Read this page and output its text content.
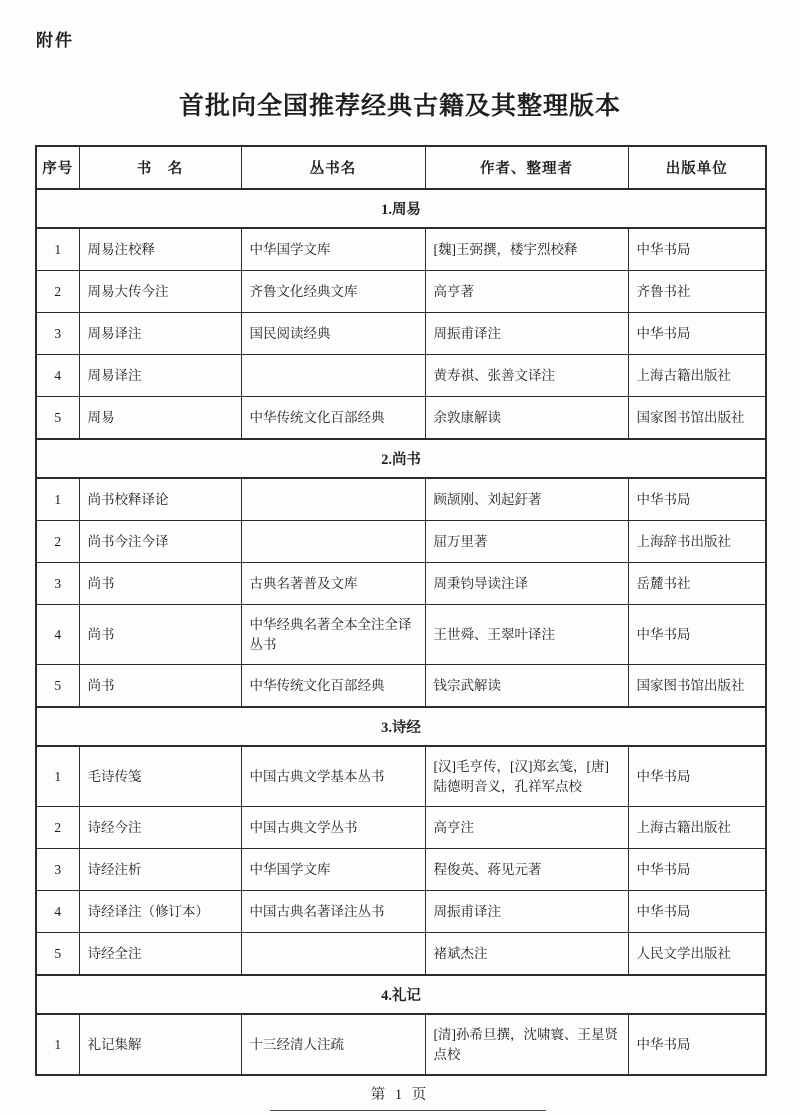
附件
首批向全国推荐经典古籍及其整理版本
序号	书　名	丛书名	作者、整理者	出版单位
1.周易				
1	周易注校释	中华国学文库	[魏]王弼撰，楼宇烈校释	中华书局
2	周易大传今注	齐鲁文化经典文库	高亨著	齐鲁书社
3	周易译注	国民阅读经典	周振甫译注	中华书局
4	周易译注		黄寿祺、张善文译注	上海古籍出版社
5	周易	中华传统文化百部经典	余敦康解读	国家图书馆出版社
2.尚书				
1	尚书校释译论		顾颉刚、刘起釪著	中华书局
2	尚书今注今译		屈万里著	上海辞书出版社
3	尚书	古典名著普及文库	周秉钧导读注译	岳麓书社
4	尚书	中华经典名著全本全注全译丛书	王世舜、王翠叶译注	中华书局
5	尚书	中华传统文化百部经典	钱宗武解读	国家图书馆出版社
3.诗经				
1	毛诗传笺	中国古典文学基本丛书	[汉]毛亨传，[汉]郑玄笺，[唐]陆德明音义，孔祥军点校	中华书局
2	诗经今注	中国古典文学丛书	高亨注	上海古籍出版社
3	诗经注析	中华国学文库	程俊英、蒋见元著	中华书局
4	诗经译注（修订本）	中国古典名著译注丛书	周振甫译注	中华书局
5	诗经全注		褚斌杰注	人民文学出版社
4.礼记				
1	礼记集解	十三经清人注疏	[清]孙希旦撰，沈啸寰、王星贤点校	中华书局
第 1 页
